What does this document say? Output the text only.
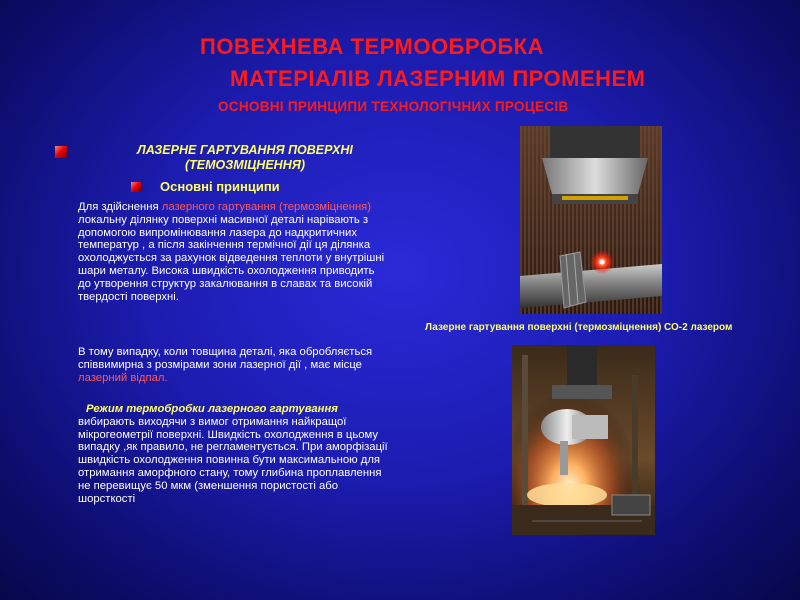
ПОВЕХНЕВА ТЕРМООБРОБКА
МАТЕРІАЛІВ ЛАЗЕРНИМ ПРОМЕНЕМ
ОСНОВНІ ПРИНЦИПИ ТЕХНОЛОГІЧНИХ ПРОЦЕСІВ
ЛАЗЕРНЕ ГАРТУВАННЯ ПОВЕРХНІ (ТЕМОЗМІЦНЕННЯ)
Основні принципи
Для здійснення лазерного гартування (термозміцнення) локальну ділянку поверхні масивної деталі нарівають з допомогою випромінювання лазера до надкритичних температур , а після закінчення термічної дії ця ділянка охолоджується за рахунок відведення теплоти у внутрішні шари металу. Висока швидкість охолодження приводить до утворення структур закалювання в славах та високій твердості поверхні.
В тому випадку, коли товщина деталі, яка обробляється співвимирна з розмірами зони лазерної дії , має місце лазерний відпал.
Режим термобробки лазерного гартування
вибирають виходячи з вимог отримання найкращої мікрогеометрії поверхні. Швидкість охолодження в цьому випадку ,як правило, не регламентується. При аморфізації швидкість охолодження повинна бути максимальною для отримання аморфного стану, тому глибина проплавлення не перевищує 50 мкм (зменшення пористості або шорсткості
Лазерне гартування поверхні (термозміцнення) СО-2 лазером
